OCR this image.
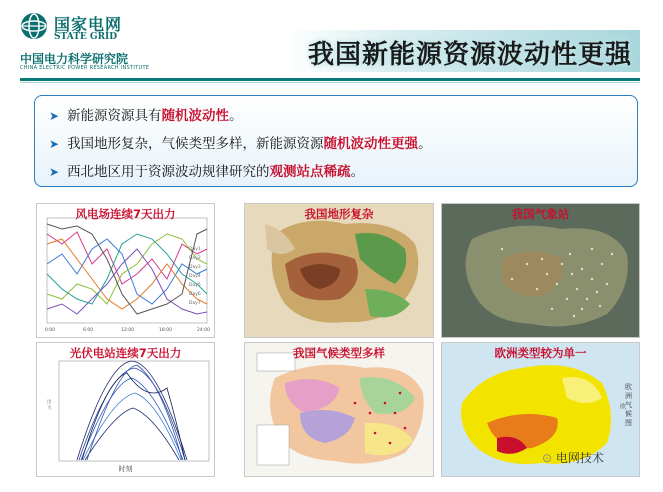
国家电网
STATE GRID
中国电力科学研究院
CHINA ELECTRIC POWER RESEARCH INSTITUTE	我国新能源资源波动性更强
➤ 新能源资源具有随机波动性。
➤ 我国地形复杂，气候类型多样，新能源资源随机波动性更强。
➤ 西北地区用于资源波动规律研究的观测站点稀疏。
Day1
Day2
Day3
Day4
Day5
Day6
Day7
0:00	6:00	12:00	18:00	24:00
风电场连续7天出力	我国地形复杂	我国气象站
出
力
光伏电站连续7天出力
时刻
我国气候类型多样
欧
欧洲类型较为单一
欧洲气候图
⊙ 电网技术
